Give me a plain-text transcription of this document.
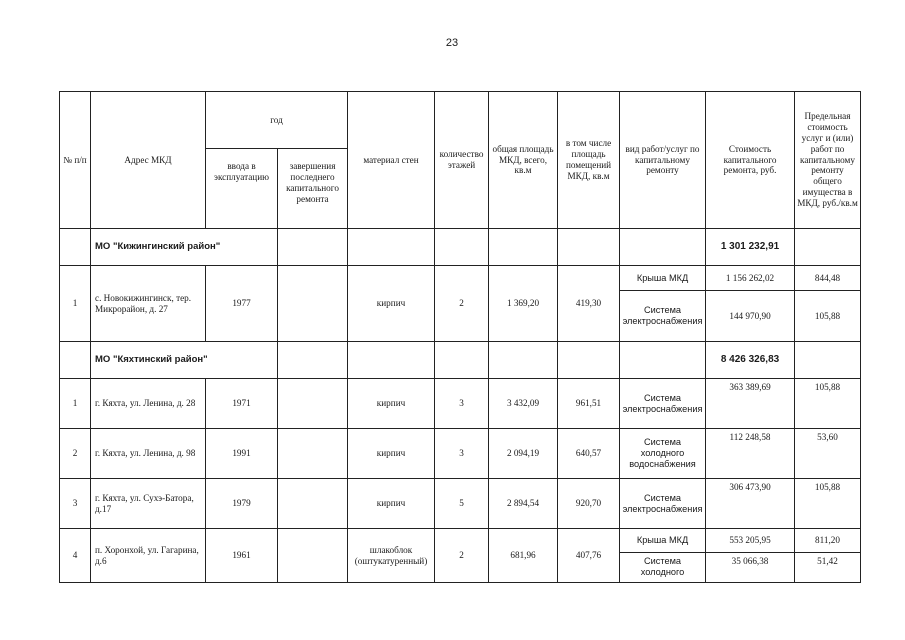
23
№ п/п	Адрес МКД	год		материал стен	количество этажей	общая площадь МКД, всего, кв.м	в том числе площадь помещений МКД, кв.м	вид работ/услуг по капитальному ремонту	Стоимость капитального ремонта, руб.	Предельная стоимость услуг и (или) работ по капитальному ремонту общего имущества в МКД, руб./кв.м
		ввода в эксплуатацию	завершения последнего капитального ремонта							
	МО "Кижингинский район"								1 301 232,91	
1	с. Новокижингинск, тер. Микрорайон, д. 27	1977		кирпич	2	1 369,20	419,30	Крыша МКД	1 156 262,02	844,48
								Система электроснабжения	144 970,90	105,88
	МО "Кяхтинский район"								8 426 326,83	
1	г. Кяхта, ул. Ленина, д. 28	1971		кирпич	3	3 432,09	961,51	Система электроснабжения	363 389,69	105,88
2	г. Кяхта, ул. Ленина, д. 98	1991		кирпич	3	2 094,19	640,57	Система холодного водоснабжения	112 248,58	53,60
3	г. Кяхта, ул. Сухэ-Батора, д.17	1979		кирпич	5	2 894,54	920,70	Система электроснабжения	306 473,90	105,88
4	п. Хоронхой, ул. Гагарина, д.6	1961		шлакоблок (оштукатуренный)	2	681,96	407,76	Крыша МКД	553 205,95	811,20
								Система холодного	35 066,38	51,42
